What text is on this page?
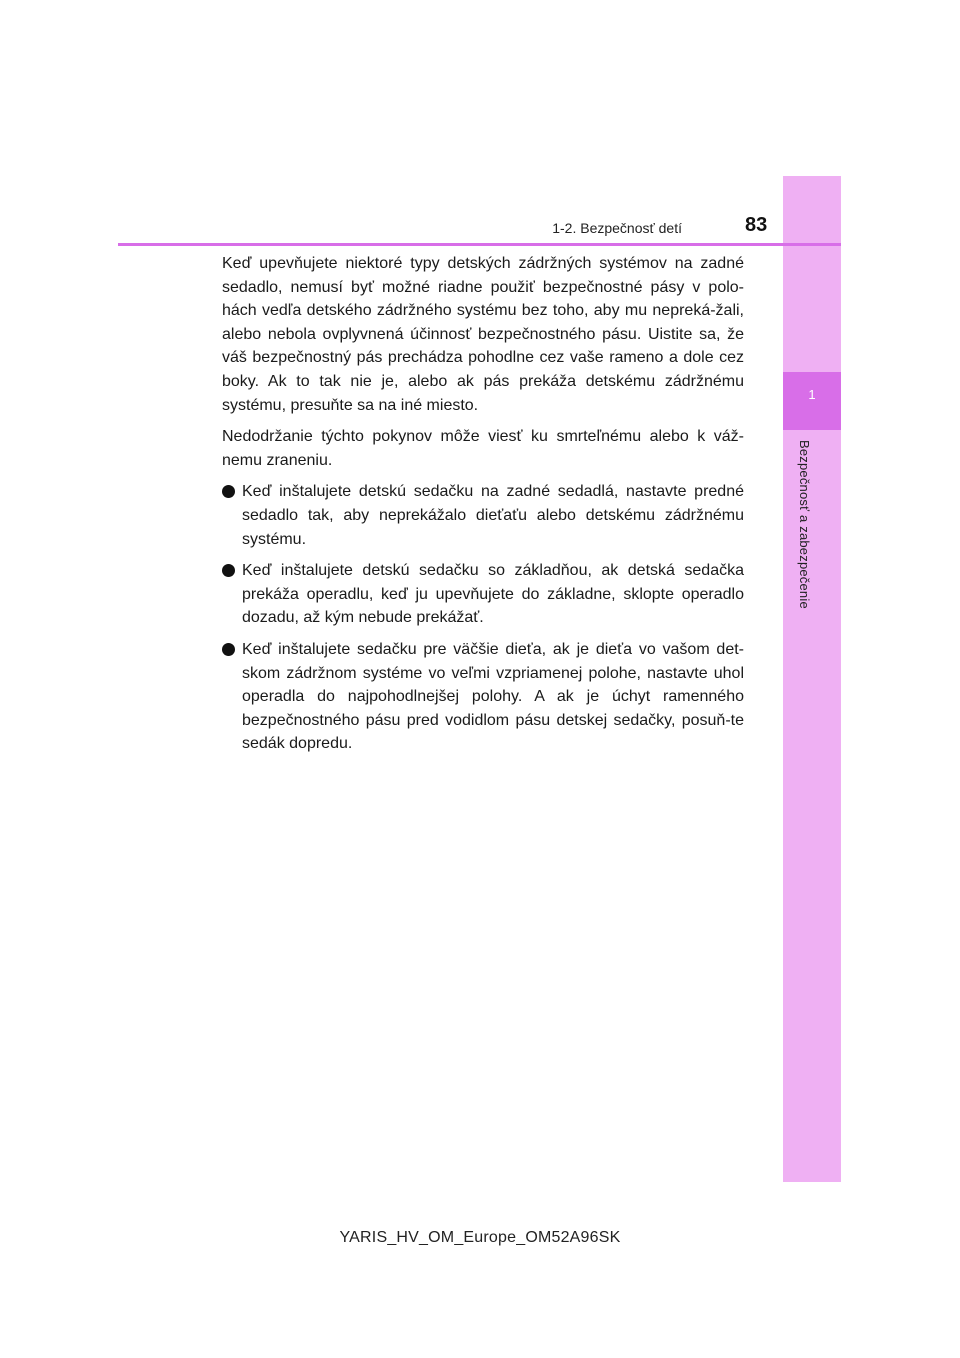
1
Bezpečnosť a zabezpečenie
1-2. Bezpečnosť detí	83

Keď upevňujete niektoré typy detských zádržných systémov na zadné sedadlo, nemusí byť možné riadne použiť bezpečnostné pásy v polo-hách vedľa detského zádržného systému bez toho, aby mu nepreká-žali, alebo nebola ovplyvnená účinnosť bezpečnostného pásu. Uistite sa, že váš bezpečnostný pás prechádza pohodlne cez vaše rameno a dole cez boky. Ak to tak nie je, alebo ak pás prekáža detskému zádržnému systému, presuňte sa na iné miesto.

Nedodržanie týchto pokynov môže viesť ku smrteľnému alebo k váž-nemu zraneniu.

Keď inštalujete detskú sedačku na zadné sedadlá, nastavte predné sedadlo tak, aby neprekážalo dieťaťu alebo detskému zádržnému systému.
Keď inštalujete detskú sedačku so základňou, ak detská sedačka prekáža operadlu, keď ju upevňujete do základne, sklopte operadlo dozadu, až kým nebude prekážať.
Keď inštalujete sedačku pre väčšie dieťa, ak je dieťa vo vašom det-skom zádržnom systéme vo veľmi vzpriamenej polohe, nastavte uhol operadla do najpohodlnejšej polohy. A ak je úchyt ramenného bezpečnostného pásu pred vodidlom pásu detskej sedačky, posuň-te sedák dopredu.
YARIS_HV_OM_Europe_OM52A96SK
